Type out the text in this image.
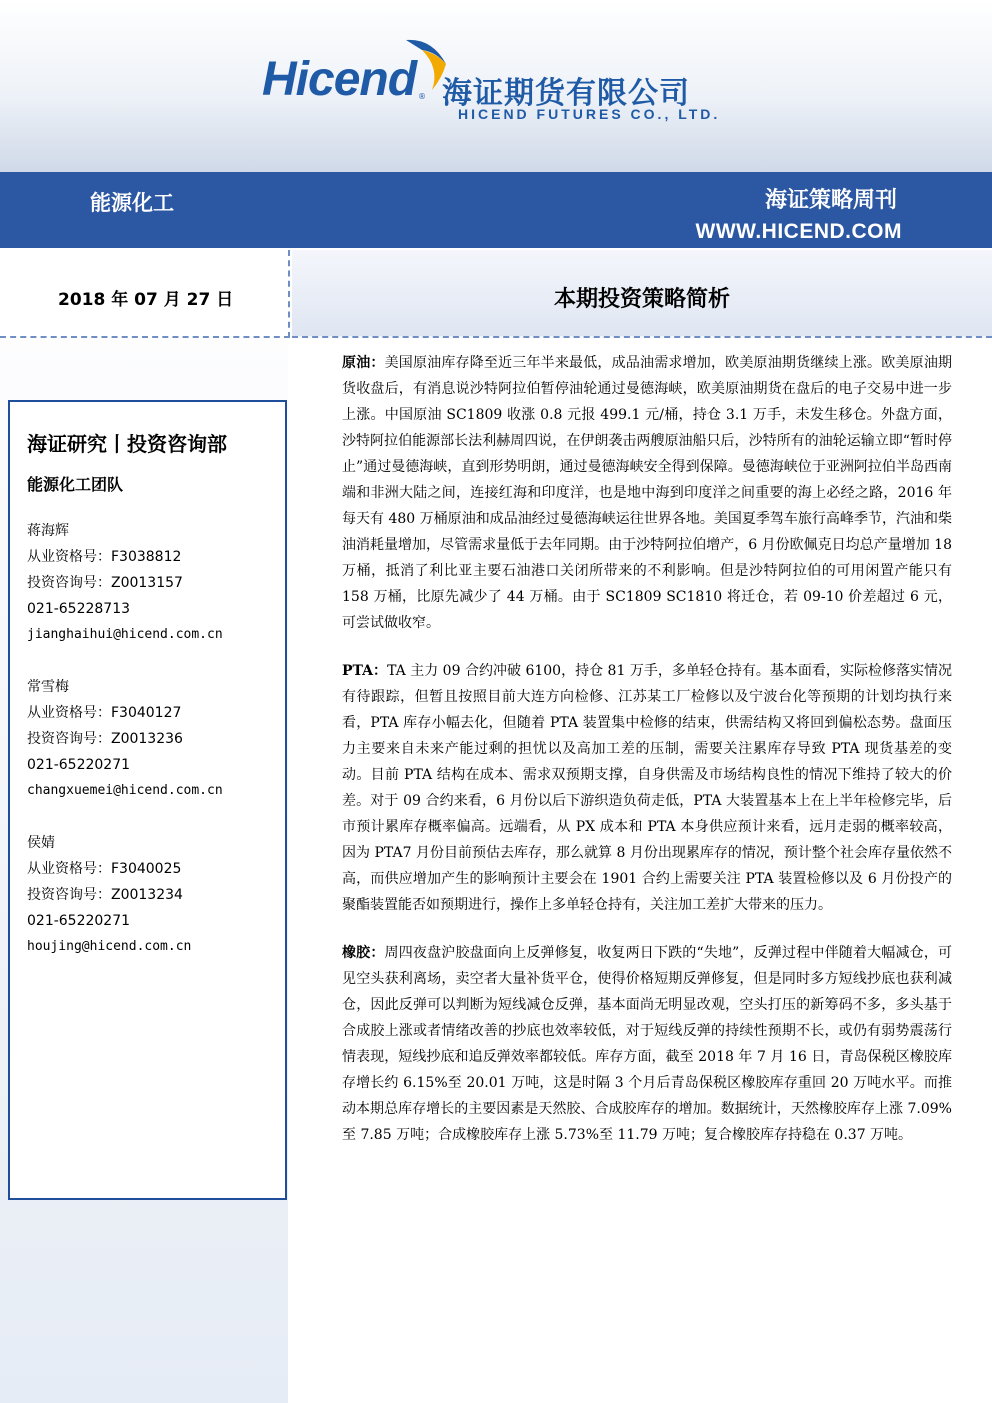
Hicend ® 海证期货有限公司
HICEND FUTURES CO., LTD.
能源化工	海证策略周刊
WWW.HICEND.COM
2018 年 07 月 27 日	本期投资策略简析
海证研究丨投资咨询部
能源化工团队
蒋海辉
从业资格号：F3038812
投资咨询号：Z0013157
021-65228713
jianghaihui@hicend.com.cn
常雪梅
从业资格号：F3040127
投资咨询号：Z0013236
021-65220271
changxuemei@hicend.com.cn
侯婧
从业资格号：F3040025
投资咨询号：Z0013234
021-65220271
houjing@hicend.com.cn

原油：美国原油库存降至近三年半来最低，成品油需求增加，欧美原油期货继续上涨。欧美原油期货收盘后，有消息说沙特阿拉伯暂停油轮通过曼德海峡，欧美原油期货在盘后的电子交易中进一步上涨。中国原油 SC1809 收涨 0.8 元报 499.1 元/桶，持仓 3.1 万手，未发生移仓。外盘方面，沙特阿拉伯能源部长法利赫周四说，在伊朗袭击两艘原油船只后，沙特所有的油轮运输立即“暂时停止”通过曼德海峡，直到形势明朗，通过曼德海峡安全得到保障。曼德海峡位于亚洲阿拉伯半岛西南端和非洲大陆之间，连接红海和印度洋，也是地中海到印度洋之间重要的海上必经之路，2016 年每天有 480 万桶原油和成品油经过曼德海峡运往世界各地。美国夏季驾车旅行高峰季节，汽油和柴油消耗量增加，尽管需求量低于去年同期。由于沙特阿拉伯增产，6 月份欧佩克日均总产量增加 18 万桶，抵消了利比亚主要石油港口关闭所带来的不利影响。但是沙特阿拉伯的可用闲置产能只有 158 万桶，比原先减少了 44 万桶。由于 SC1809 SC1810 将迁仓，若 09-10 价差超过 6 元，可尝试做收窄。

PTA：TA 主力 09 合约冲破 6100，持仓 81 万手，多单轻仓持有。基本面看，实际检修落实情况有待跟踪，但暂且按照目前大连方向检修、江苏某工厂检修以及宁波台化等预期的计划均执行来看，PTA 库存小幅去化，但随着 PTA 装置集中检修的结束，供需结构又将回到偏松态势。盘面压力主要来自未来产能过剩的担忧以及高加工差的压制，需要关注累库存导致 PTA 现货基差的变动。目前 PTA 结构在成本、需求双预期支撑，自身供需及市场结构良性的情况下维持了较大的价差。对于 09 合约来看，6 月份以后下游织造负荷走低，PTA 大装置基本上在上半年检修完毕，后市预计累库存概率偏高。远端看，从 PX 成本和 PTA 本身供应预计来看，远月走弱的概率较高，因为 PTA7 月份目前预估去库存，那么就算 8 月份出现累库存的情况，预计整个社会库存量依然不高，而供应增加产生的影响预计主要会在 1901 合约上需要关注 PTA 装置检修以及 6 月份投产的聚酯装置能否如预期进行，操作上多单轻仓持有，关注加工差扩大带来的压力。

橡胶：周四夜盘沪胶盘面向上反弹修复，收复两日下跌的“失地”，反弹过程中伴随着大幅减仓，可见空头获利离场，卖空者大量补货平仓，使得价格短期反弹修复，但是同时多方短线抄底也获利减仓，因此反弹可以判断为短线减仓反弹，基本面尚无明显改观，空头打压的新筹码不多，多头基于合成胶上涨或者情绪改善的抄底也效率较低，对于短线反弹的持续性预期不长，或仍有弱势震荡行情表现，短线抄底和追反弹效率都较低。库存方面，截至 2018 年 7 月 16 日，青岛保税区橡胶库存增长约 6.15%至 20.01 万吨，这是时隔 3 个月后青岛保税区橡胶库存重回 20 万吨水平。而推动本期总库存增长的主要因素是天然胶、合成胶库存的增加。数据统计，天然橡胶库存上涨 7.09%至 7.85 万吨；合成橡胶库存上涨 5.73%至 11.79 万吨；复合橡胶库存持稳在 0.37 万吨。
